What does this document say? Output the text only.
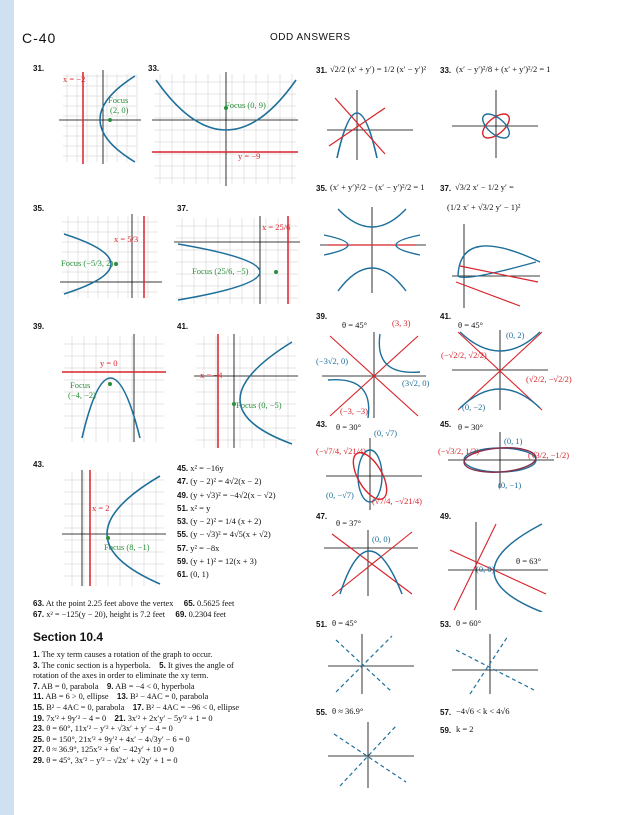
C-40	ODD ANSWERS
31.
x = −2
Focus
(2, 0)
33.
Focus (0, 9)
y = −9
35.
x = 5/3
Focus (−5/3, 2)
37.
x = 25/6
Focus (25/6, −5)
39.
y = 0
Focus
(−4, −2)
41.
x = −4
Focus (0, −5)
43.
x = 2
Focus (8, −1)
45. x² = −16y
47. (y − 2)² = 4√2(x − 2)
49. (y + √3)² = −4√2(x − √2)
51. x² = y
53. (y − 2)² = 1/4 (x + 2)
55. (y − √3)² = 4√5(x + √2)
57. y² = −8x
59. (y + 1)² = 12(x + 3)
61. (0, 1)
63. At the point 2.25 feet above the vertex 65. 0.5625 feet
67. x² = −125(y − 20), height is 7.2 feet 69. 0.2304 feet
Section 10.4
1. The xy term causes a rotation of the graph to occur.
3. The conic section is a hyperbola. 5. It gives the angle of
rotation of the axes in order to eliminate the xy term.
7. AB = 0, parabola 9. AB = −4 < 0, hyperbola
11. AB = 6 > 0, ellipse 13. B² − 4AC = 0, parabola
15. B² − 4AC = 0, parabola 17. B² − 4AC = −96 < 0, ellipse
19. 7x′² + 9y′² − 4 = 0 21. 3x′² + 2x′y′ − 5y′² + 1 = 0
23. θ = 60°, 11x′² − y′² + √3x′ + y′ − 4 = 0
25. θ = 150°, 21x′² + 9y′² + 4x′ − 4√3y′ − 6 = 0
27. θ ≈ 36.9°, 125x′² + 6x′ − 42y′ + 10 = 0
29. θ = 45°, 3x′² − y′² − √2x′ + √2y′ + 1 = 0
31. √2/2 (x′ + y′) = 1/2 (x′ − y′)² 33. (x′ − y′)²/8 + (x′ + y′)²/2 = 1
35. (x′ + y′)²/2 − (x′ − y′)²/2 = 1 37. √3/2 x′ − 1/2 y′ =
(1/2 x′ + √3/2 y′ − 1)²
39.
θ = 45°	(3, 3)
(−3√2, 0)
(3√2, 0)
(−3, −3)
41.
θ = 45°
(0, 2)
(−√2/2, √2/2)
(√2/2, −√2/2)
(0, −2)
43. θ = 30°
(0, √7)
(−√7/4, √21/4)
(0, −√7)
(√7/4, −√21/4)
45. θ = 30°
(0, 1)
(−√3/2, 1/2)	(√3/2, −1/2)
(0, −1)
47.
θ = 37°
(0, 0)
49.
θ = 63°
(0, 0)
51. θ = 45°	53. θ = 60°
55. θ ≈ 36.9°	57. −4√6 < k < 4√6
59. k = 2
